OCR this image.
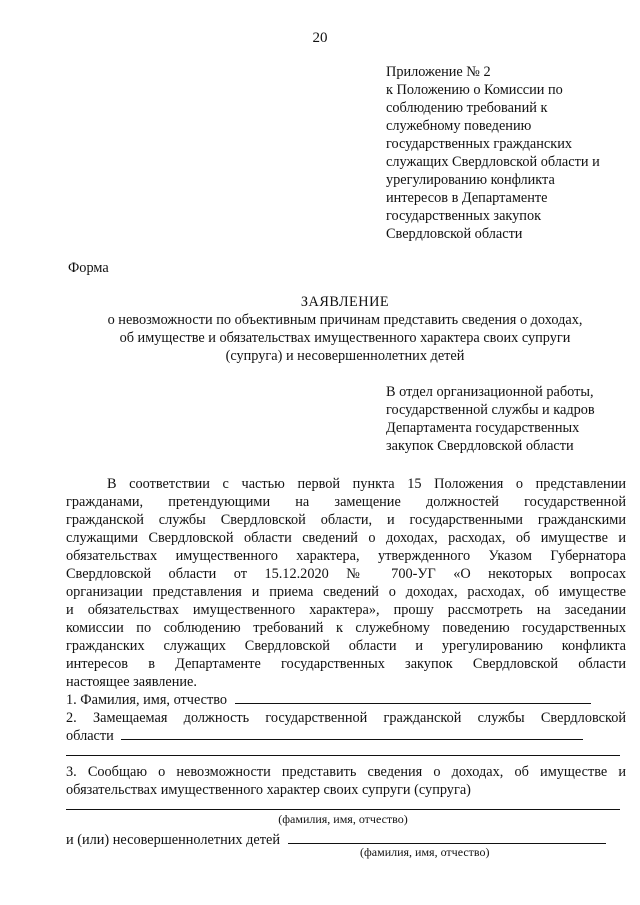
20
Приложение № 2
к Положению о Комиссии по
соблюдению требований к
служебному поведению
государственных гражданских
служащих Свердловской области и
урегулированию конфликта
интересов в Департаменте
государственных закупок
Свердловской области
Форма
ЗАЯВЛЕНИЕ
о невозможности по объективным причинам представить сведения о доходах,
об имуществе и обязательствах имущественного характера своих супруги
(супруга) и несовершеннолетних детей
В отдел организационной работы,
государственной службы и кадров
Департамента государственных
закупок Свердловской области
В соответствии с частью первой пункта 15 Положения о представлении
гражданами, претендующими на замещение должностей государственной
гражданской службы Свердловской области, и государственными гражданскими
служащими Свердловской области сведений о доходах, расходах, об имуществе и
обязательствах имущественного характера, утвержденного Указом Губернатора
Свердловской области от 15.12.2020 № 700-УГ «О некоторых вопросах
организации представления и приема сведений о доходах, расходах, об имуществе
и обязательствах имущественного характера», прошу рассмотреть на заседании
комиссии по соблюдению требований к служебному поведению государственных
гражданских служащих Свердловской области и урегулированию конфликта
интересов в Департаменте государственных закупок Свердловской области
настоящее заявление.
1. Фамилия, имя, отчество
2. Замещаемая должность государственной гражданской службы Свердловской
области
3. Сообщаю о невозможности представить сведения о доходах, об имуществе и
обязательствах имущественного характер своих супруги (супруга)
(фамилия, имя, отчество)
и (или) несовершеннолетних детей
(фамилия, имя, отчество)
